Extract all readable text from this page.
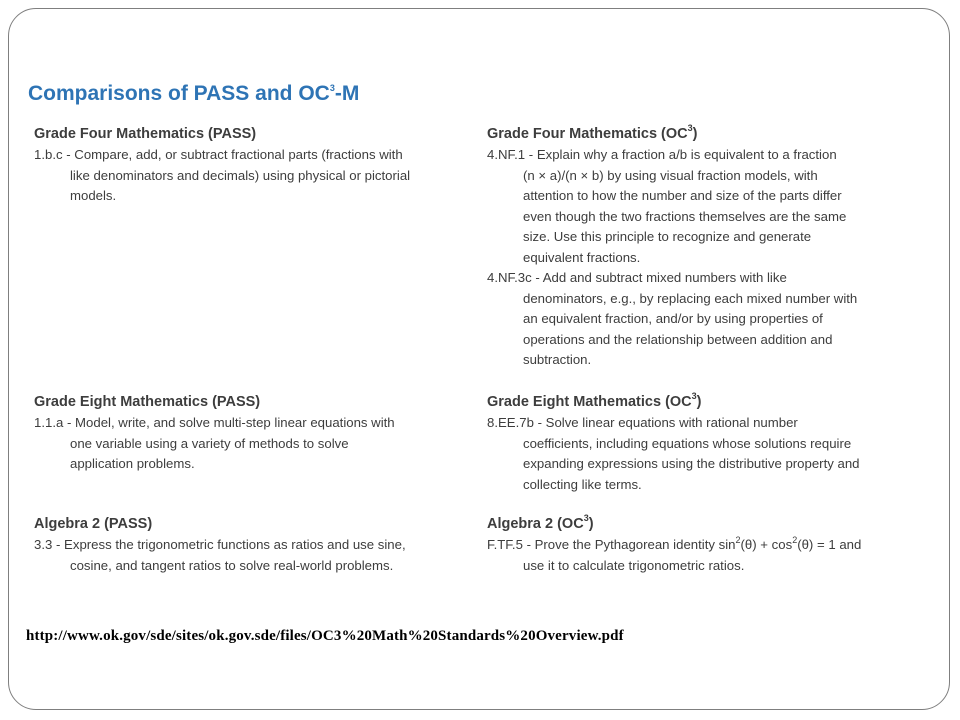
Comparisons of PASS and $OC^3-M$

Grade Four Mathematics (PASS)

1.b.c - Compare, add, or subtract fractional parts (fractions with
like denominators and decimals) using physical or pictorial
models.

Grade Four Mathematics $(OC^3)$

4.NF.1 - Explain why a fraction a/b is equivalent to a fraction
(n × a)/(n × b) by using visual fraction models, with
attention to how the number and size of the parts differ
even though the two fractions themselves are the same
size. Use this principle to recognize and generate
equivalent fractions.

4.NF.3c - Add and subtract mixed numbers with like
denominators, e.g., by replacing each mixed number with
an equivalent fraction, and/or by using properties of
operations and the relationship between addition and
subtraction.

Grade Eight Mathematics (PASS)

1.1.a - Model, write, and solve multi-step linear equations with
one variable using a variety of methods to solve
application problems.

Grade Eight Mathematics $(OC^3)$

8.EE.7b - Solve linear equations with rational number
coefficients, including equations whose solutions require
expanding expressions using the distributive property and
collecting like terms.

Algebra 2 (PASS)

3.3 - Express the trigonometric functions as ratios and use sine,
cosine, and tangent ratios to solve real-world problems.

Algebra 2 $(OC^3)$

F.TF.5 - Prove the Pythagorean identity $\sin^2(\theta) + \cos^2(\theta) = 1$ and
use it to calculate trigonometric ratios.

http://www.ok.gov/sde/sites/ok.gov.sde/files/OC3%20Math%20Standards%20Overview.pdf
